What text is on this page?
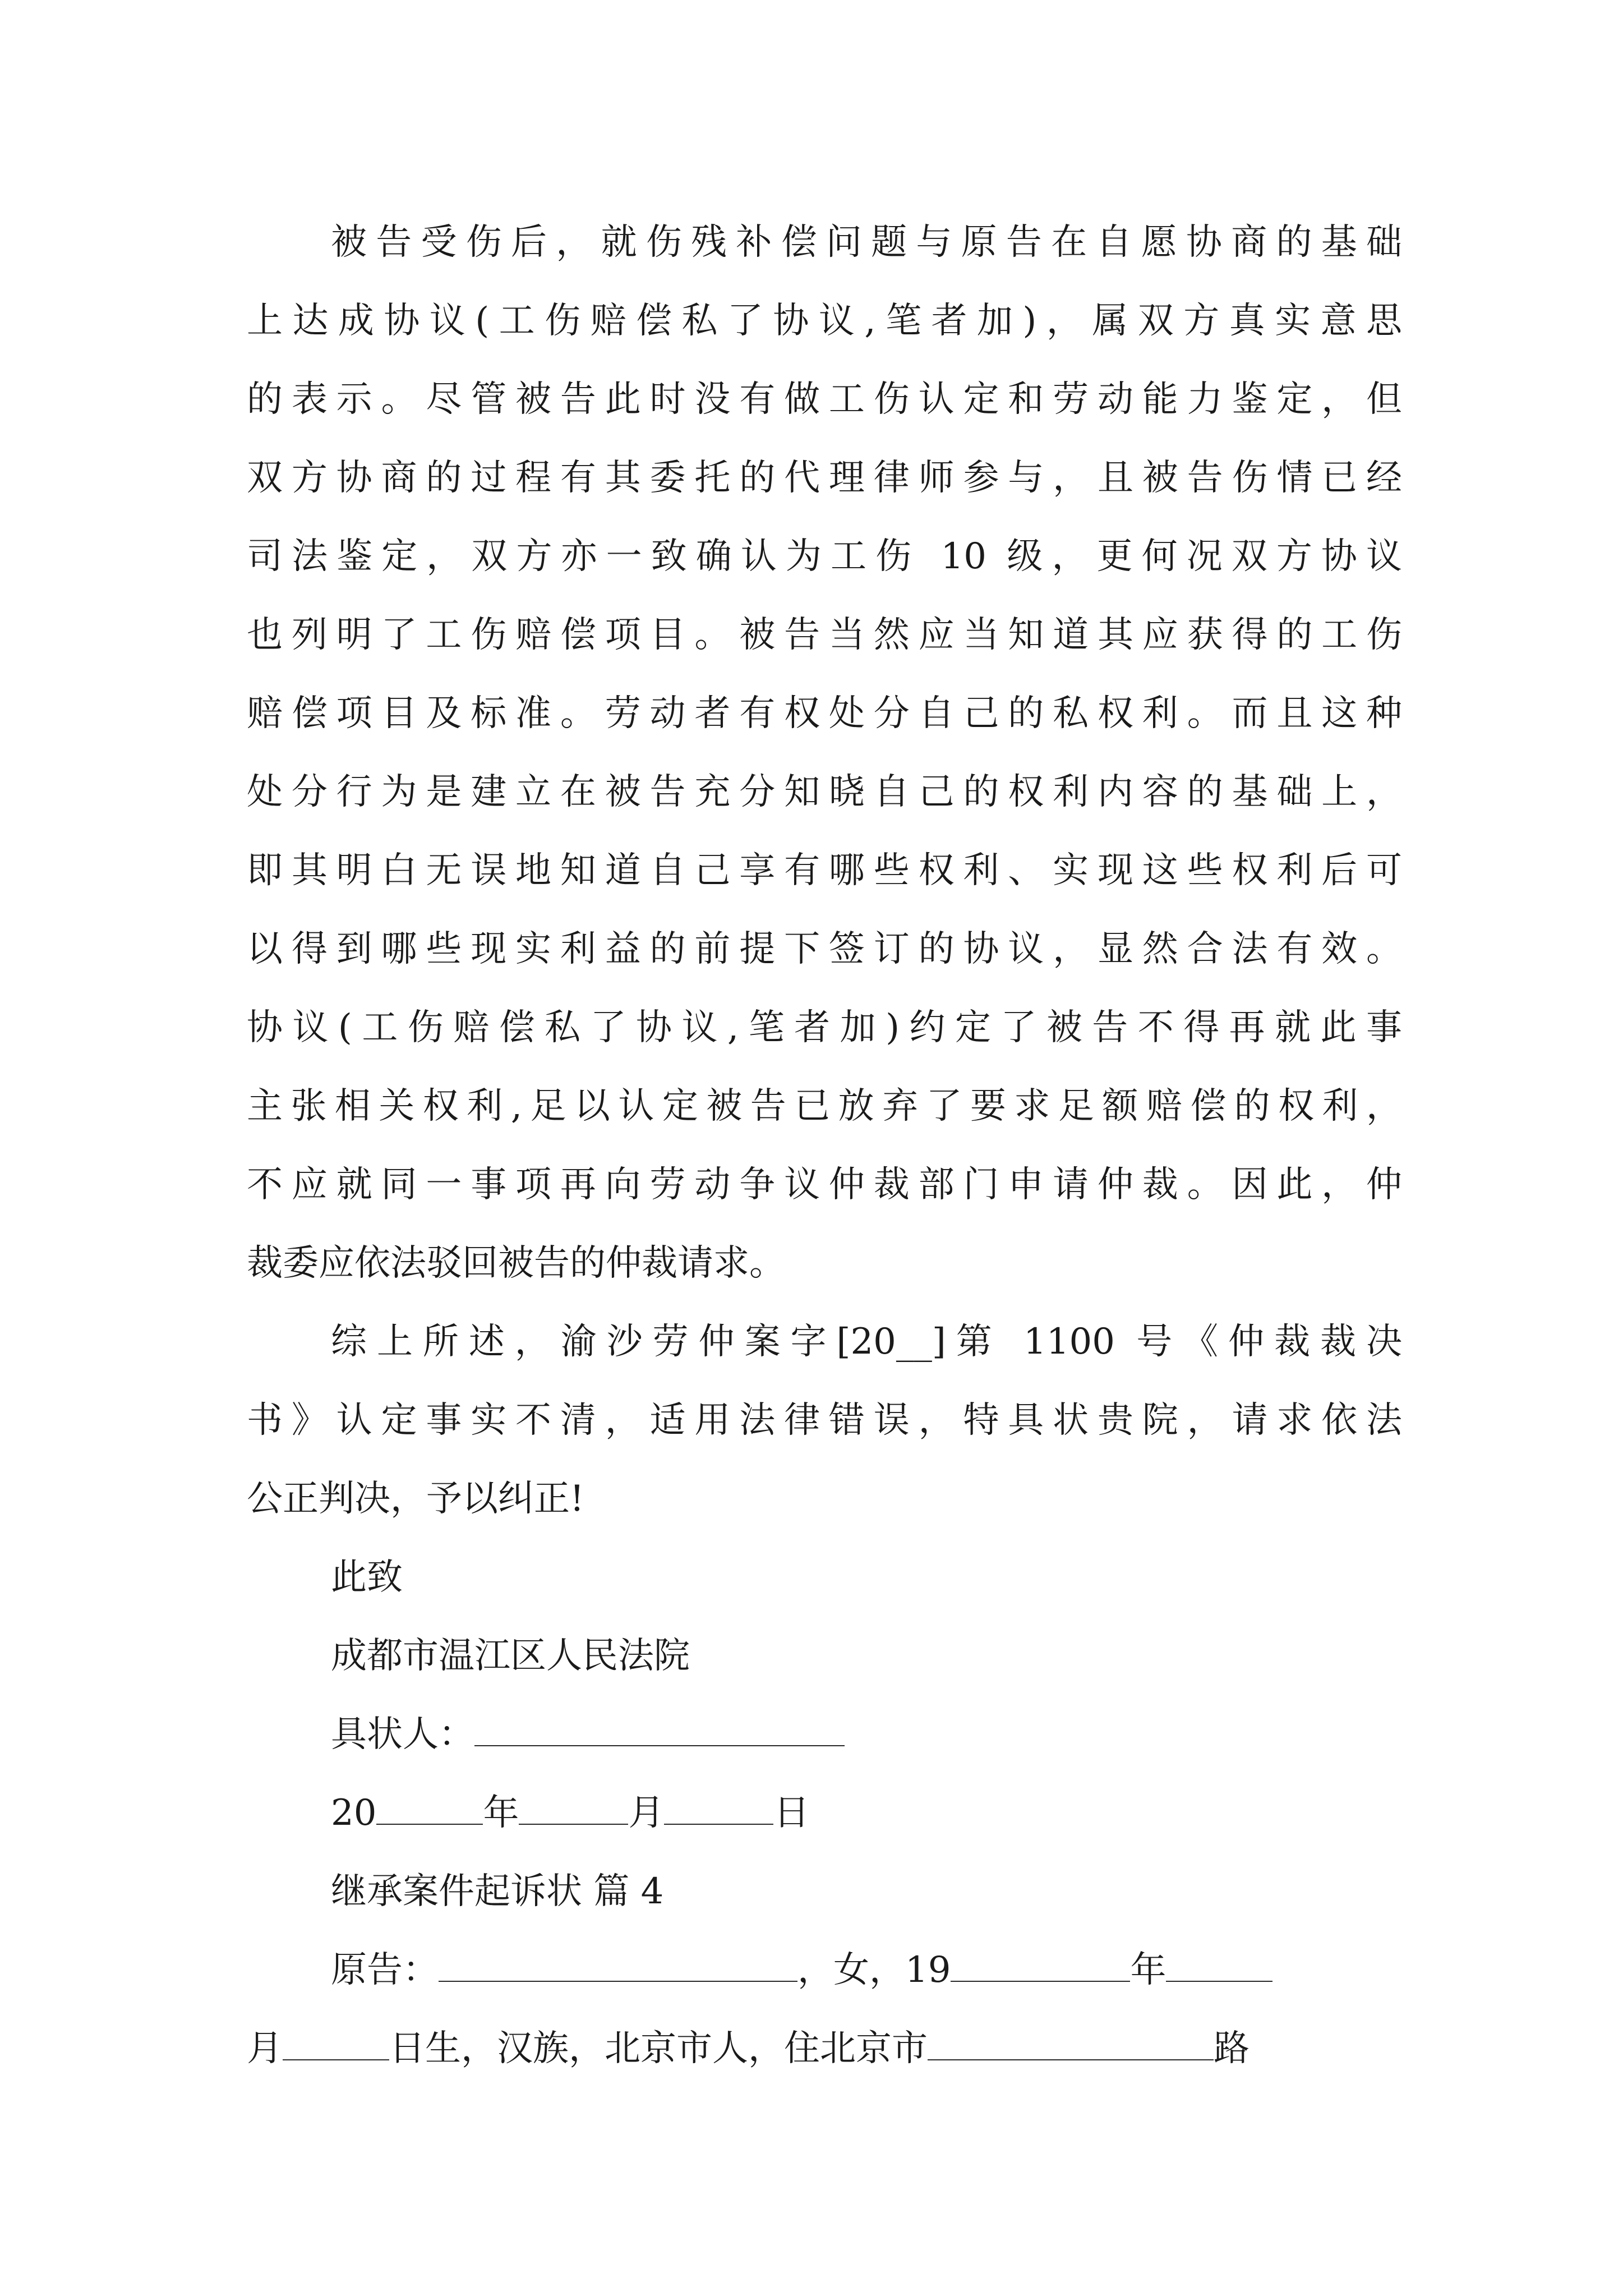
被告受伤后，就伤残补偿问题与原告在自愿协商的基础
上达成协议(工伤赔偿私了协议,笔者加)，属双方真实意思
的表示。尽管被告此时没有做工伤认定和劳动能力鉴定，但
双方协商的过程有其委托的代理律师参与，且被告伤情已经
司法鉴定，双方亦一致确认为工伤 10 级，更何况双方协议
也列明了工伤赔偿项目。被告当然应当知道其应获得的工伤
赔偿项目及标准。劳动者有权处分自己的私权利。而且这种
处分行为是建立在被告充分知晓自己的权利内容的基础上，
即其明白无误地知道自己享有哪些权利、实现这些权利后可
以得到哪些现实利益的前提下签订的协议，显然合法有效。
协议(工伤赔偿私了协议,笔者加)约定了被告不得再就此事
主张相关权利,足以认定被告已放弃了要求足额赔偿的权利，
不应就同一事项再向劳动争议仲裁部门申请仲裁。因此，仲
裁委应依法驳回被告的仲裁请求。
综上所述，渝沙劳仲案字[20__]第 1100 号《仲裁裁决
书》认定事实不清，适用法律错误，特具状贵院，请求依法
公正判决，予以纠正!
此致
成都市温江区人民法院
具状人：
20	年	月	日
继承案件起诉状 篇 4
原告：	，女，19	年
月	日生，汉族，北京市人，住北京市	路
